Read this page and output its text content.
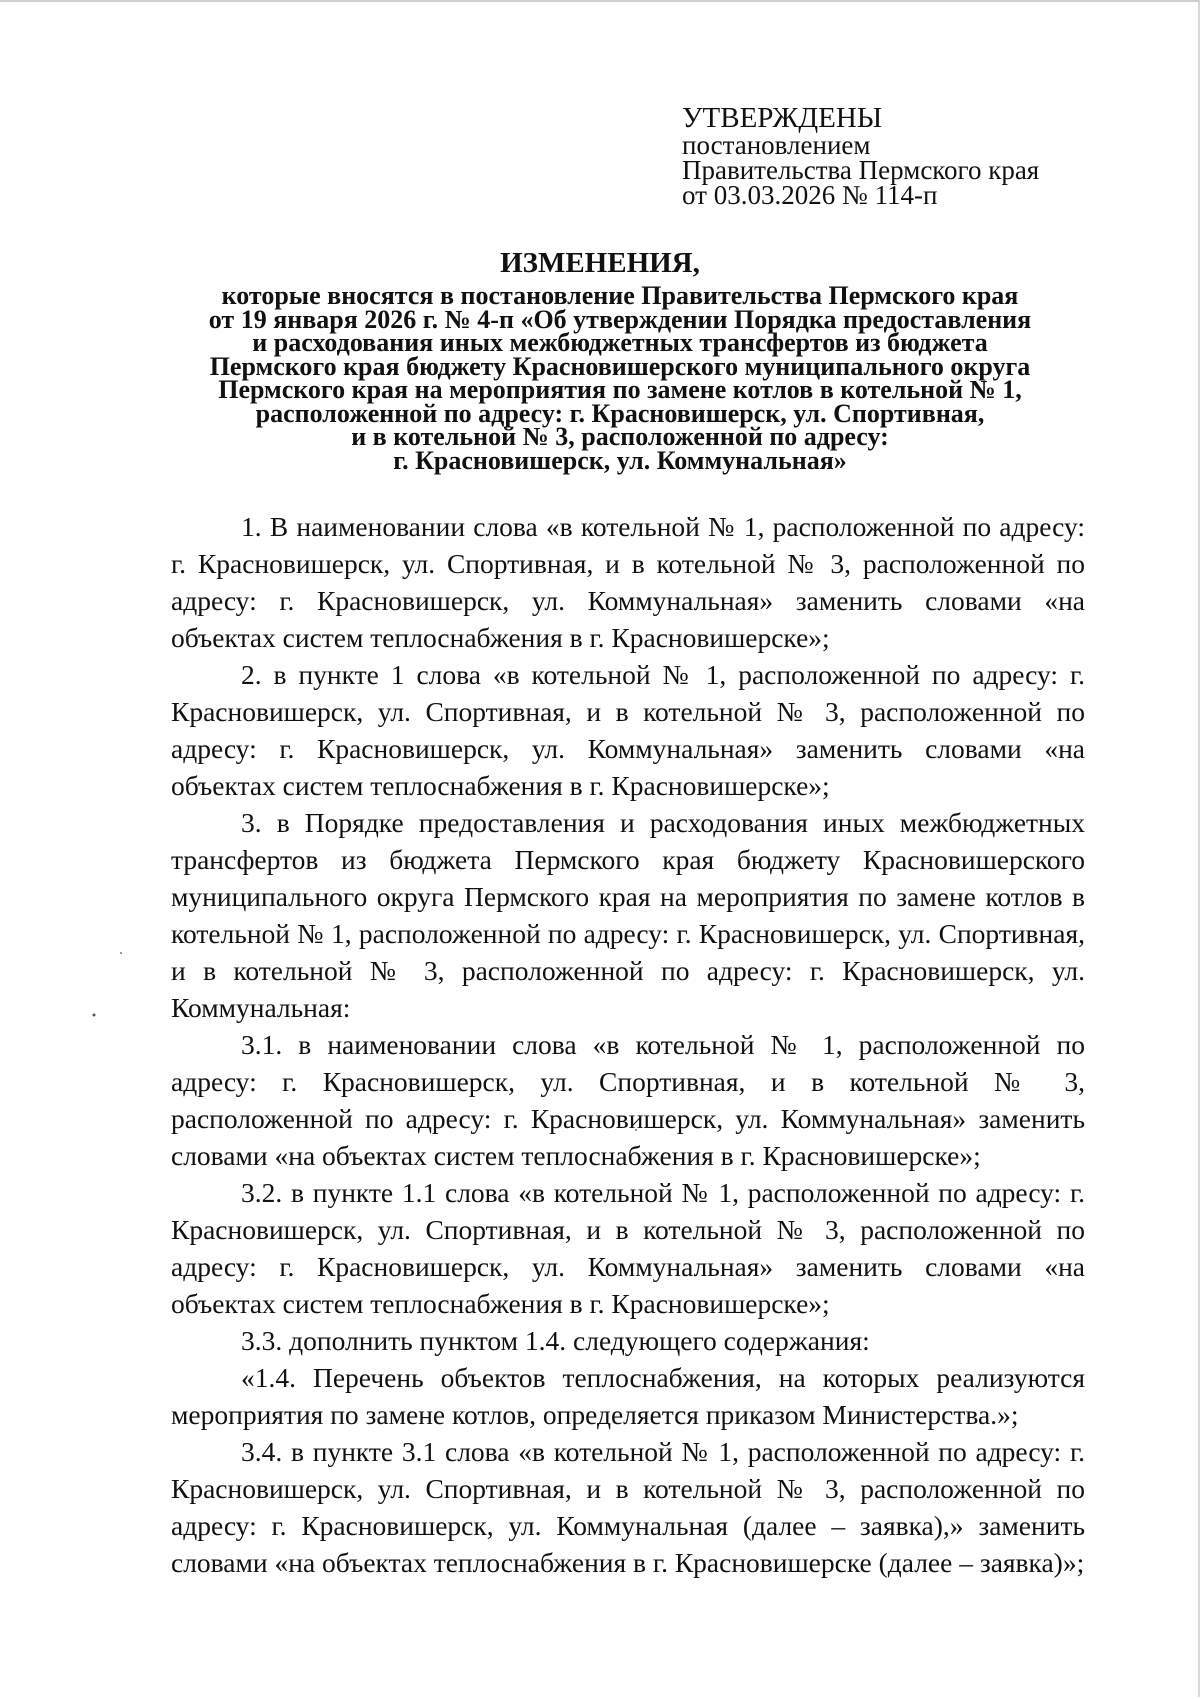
УТВЕРЖДЕНЫ
постановлением
Правительства Пермского края
от 03.03.2026 № 114-п
ИЗМЕНЕНИЯ,
которые вносятся в постановление Правительства Пермского края
от 19 января 2026 г. № 4-п «Об утверждении Порядка предоставления
и расходования иных межбюджетных трансфертов из бюджета
Пермского края бюджету Красновишерского муниципального округа
Пермского края на мероприятия по замене котлов в котельной № 1,
расположенной по адресу: г. Красновишерск, ул. Спортивная,
и в котельной № 3, расположенной по адресу:
г. Красновишерск, ул. Коммунальная»

1. В наименовании слова «в котельной № 1, расположенной по адресу: г. Красновишерск, ул. Спортивная, и в котельной № 3, расположенной по адресу: г. Красновишерск, ул. Коммунальная» заменить словами «на объектах систем теплоснабжения в г. Красновишерске»;

2. в пункте 1 слова «в котельной № 1, расположенной по адресу: г. Красновишерск, ул. Спортивная, и в котельной № 3, расположенной по адресу: г. Красновишерск, ул. Коммунальная» заменить словами «на объектах систем теплоснабжения в г. Красновишерске»;

3. в Порядке предоставления и расходования иных межбюджетных трансфертов из бюджета Пермского края бюджету Красновишерского муниципального округа Пермского края на мероприятия по замене котлов в котельной № 1, расположенной по адресу: г. Красновишерск, ул. Спортивная, и в котельной № 3, расположенной по адресу: г. Красновишерск, ул. Коммунальная:

3.1. в наименовании слова «в котельной № 1, расположенной по адресу: г. Красновишерск, ул. Спортивная, и в котельной № 3, расположенной по адресу: г. Красновишерск, ул. Коммунальная» заменить словами «на объектах систем теплоснабжения в г. Красновишерске»;

3.2. в пункте 1.1 слова «в котельной № 1, расположенной по адресу: г. Красновишерск, ул. Спортивная, и в котельной № 3, расположенной по адресу: г. Красновишерск, ул. Коммунальная» заменить словами «на объектах систем теплоснабжения в г. Красновишерске»;

3.3. дополнить пунктом 1.4. следующего содержания:

«1.4. Перечень объектов теплоснабжения, на которых реализуются мероприятия по замене котлов, определяется приказом Министерства.»;

3.4. в пункте 3.1 слова «в котельной № 1, расположенной по адресу: г. Красновишерск, ул. Спортивная, и в котельной № 3, расположенной по адресу: г. Красновишерск, ул. Коммунальная (далее – заявка),» заменить словами «на объектах теплоснабжения в г. Красновишерске (далее – заявка)»;
